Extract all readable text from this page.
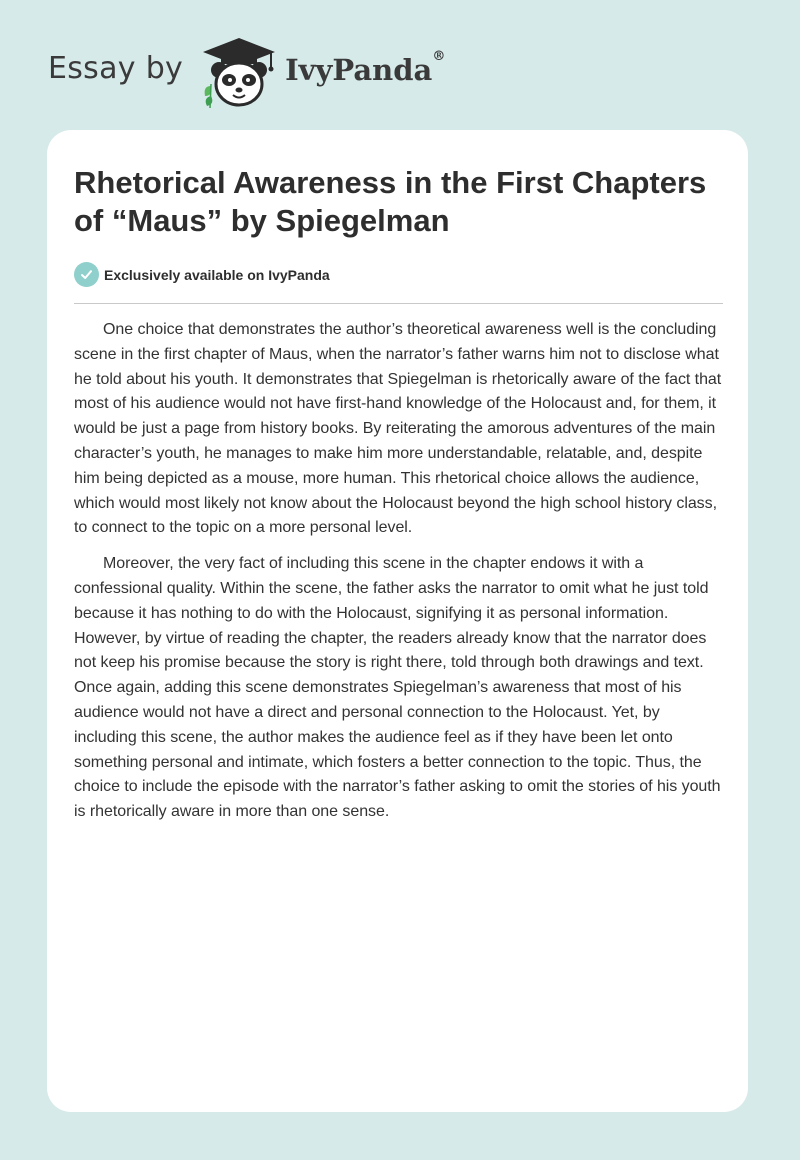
Essay by	IvyPanda®
Rhetorical Awareness in the First Chapters of “Maus” by Spiegelman
Exclusively available on IvyPanda

One choice that demonstrates the author’s theoretical awareness well is the concluding scene in the first chapter of Maus, when the narrator’s father warns him not to disclose what he told about his youth. It demonstrates that Spiegelman is rhetorically aware of the fact that most of his audience would not have first-hand knowledge of the Holocaust and, for them, it would be just a page from history books. By reiterating the amorous adventures of the main character’s youth, he manages to make him more understandable, relatable, and, despite him being depicted as a mouse, more human. This rhetorical choice allows the audience, which would most likely not know about the Holocaust beyond the high school history class, to connect to the topic on a more personal level.

Moreover, the very fact of including this scene in the chapter endows it with a confessional quality. Within the scene, the father asks the narrator to omit what he just told because it has nothing to do with the Holocaust, signifying it as personal information. However, by virtue of reading the chapter, the readers already know that the narrator does not keep his promise because the story is right there, told through both drawings and text. Once again, adding this scene demonstrates Spiegelman’s awareness that most of his audience would not have a direct and personal connection to the Holocaust. Yet, by including this scene, the author makes the audience feel as if they have been let onto something personal and intimate, which fosters a better connection to the topic. Thus, the choice to include the episode with the narrator’s father asking to omit the stories of his youth is rhetorically aware in more than one sense.
